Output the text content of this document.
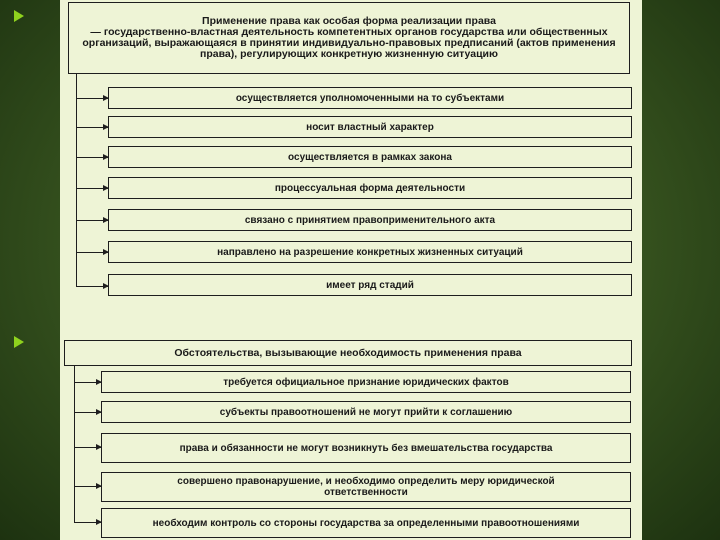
Применение права как особая форма реализации права
— государственно-властная деятельность компетентных органов государства или общественных организаций, выражающаяся в принятии индивидуально-правовых предписаний (актов применения права), регулирующих конкретную жизненную ситуацию
осуществляется уполномоченными на то субъектами
носит властный характер
осуществляется в рамках закона
процессуальная форма деятельности
связано с принятием правоприменительного акта
направлено на разрешение конкретных жизненных ситуаций
имеет ряд стадий
Обстоятельства, вызывающие необходимость применения права
требуется официальное признание юридических фактов
субъекты правоотношений не могут прийти к соглашению
права и обязанности не могут возникнуть без вмешательства государства
совершено правонарушение, и необходимо определить меру юридической ответственности
необходим контроль со стороны государства за определенными правоотношениями
